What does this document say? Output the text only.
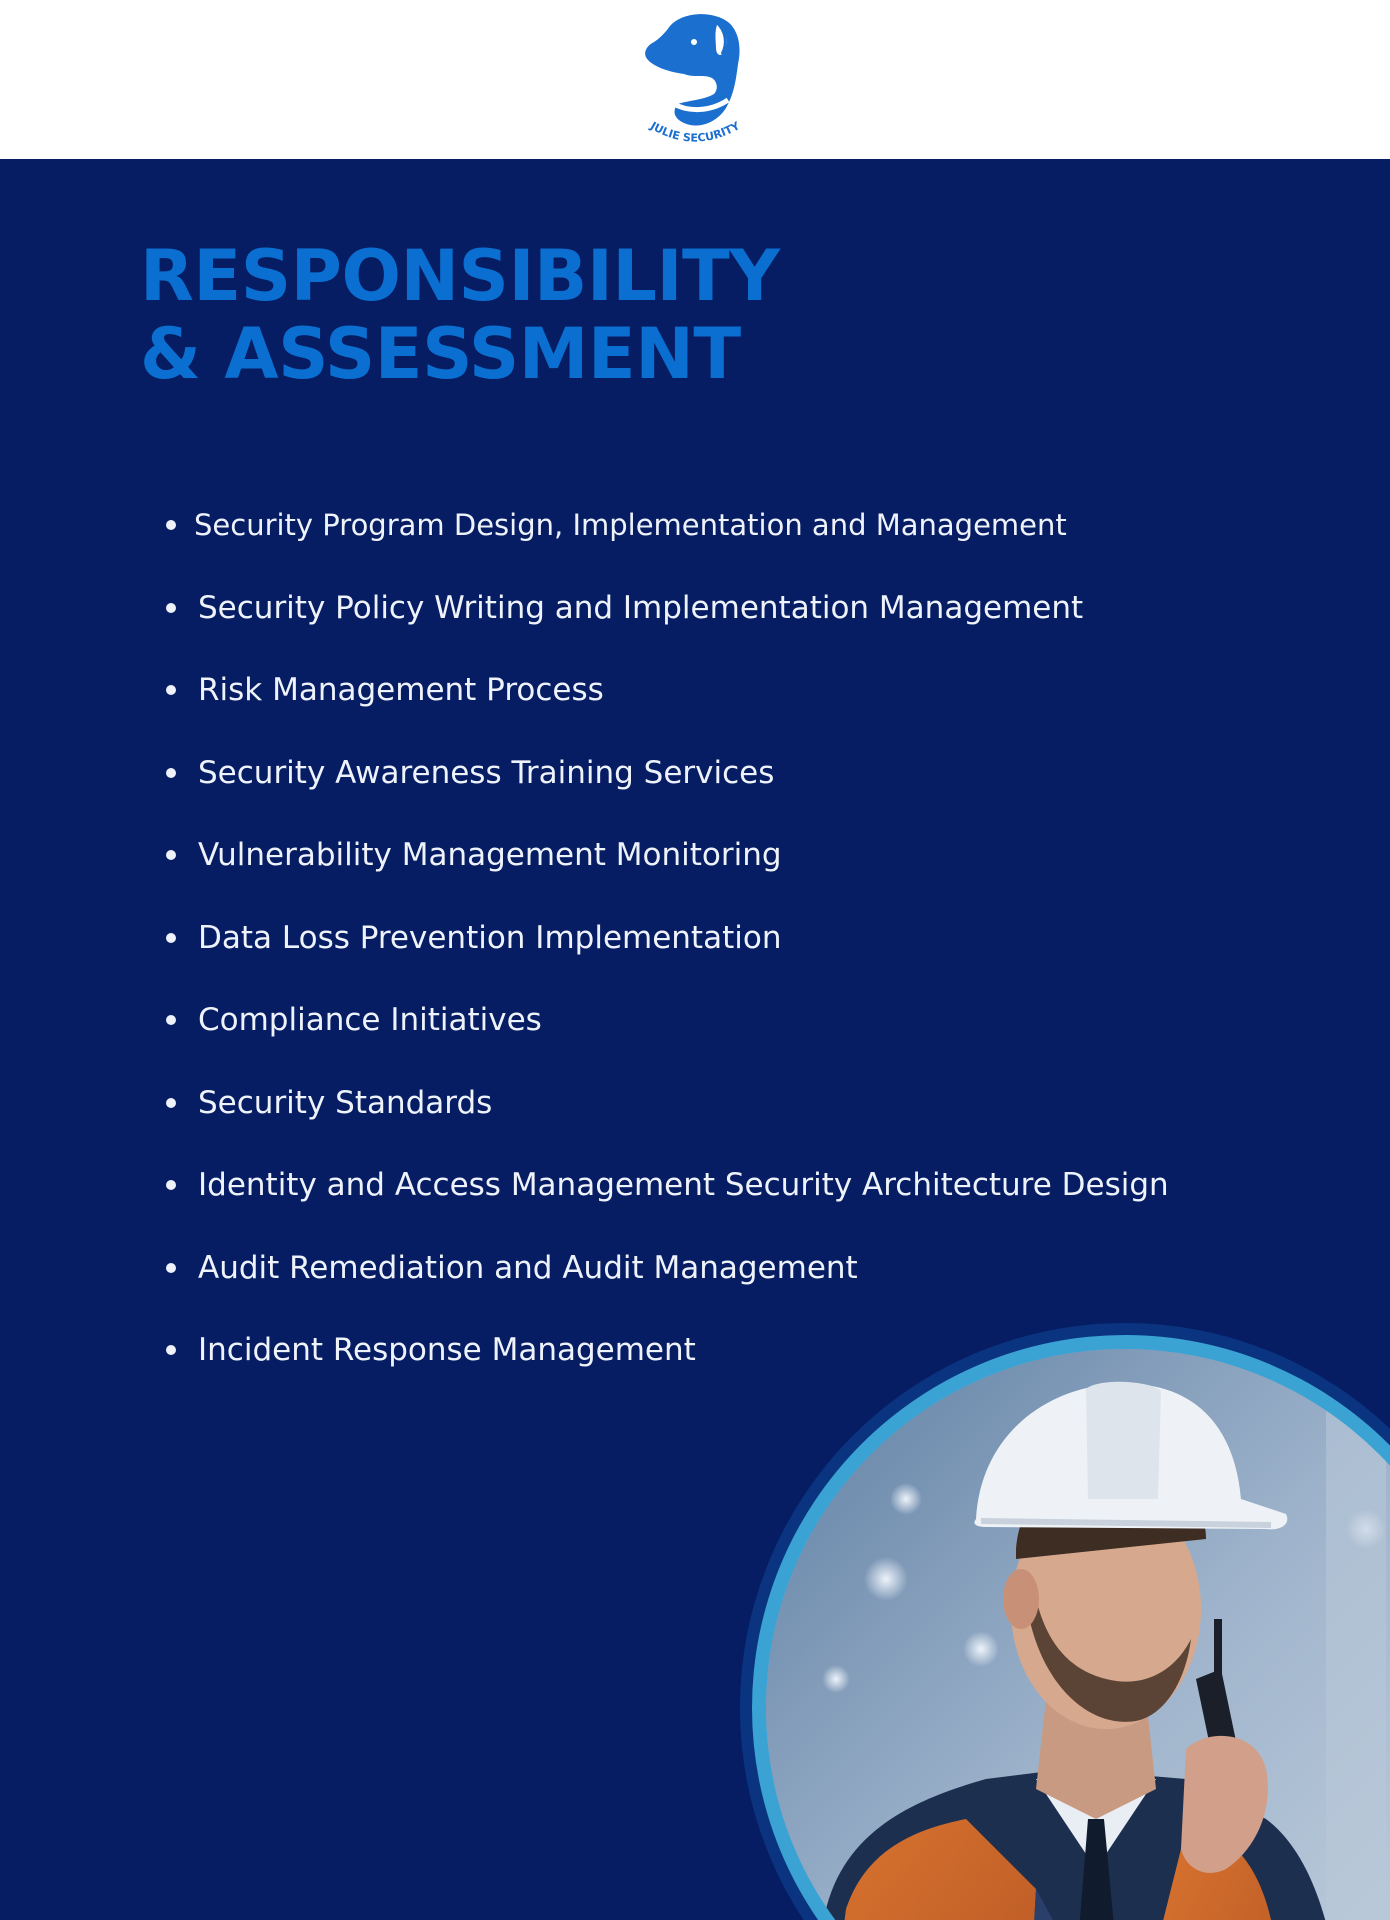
JULIE SECURITY
RESPONSIBILITY
& ASSESSMENT
Security Program Design, Implementation and Management
Security Policy Writing and Implementation Management
Risk Management Process
Security Awareness Training Services
Vulnerability Management Monitoring
Data Loss Prevention Implementation
Compliance Initiatives
Security Standards
Identity and Access Management Security Architecture Design
Audit Remediation and Audit Management
Incident Response Management
